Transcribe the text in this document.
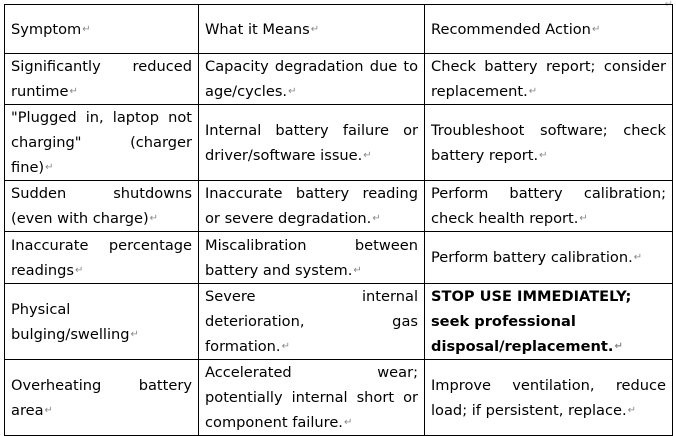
↵
Symptom↵	What it Means↵	Recommended Action↵
Significantly reduced runtime↵	Capacity degradation due to age/cycles.↵	Check battery report; consider replacement.↵
"Plugged in, laptop not charging" (charger fine)↵	Internal battery failure or driver/software issue.↵	Troubleshoot software; check battery report.↵
Sudden shutdowns (even with charge)↵	Inaccurate battery reading or severe degradation.↵	Perform battery calibration; check health report.↵
Inaccurate percentage readings↵	Miscalibration between battery and system.↵	Perform battery calibration.↵
Physical bulging/swelling↵	Severe internal deterioration, gas formation.↵	STOP USE IMMEDIATELY; seek professional disposal/replacement.↵
Overheating battery area↵	Accelerated wear; potentially internal short or component failure.↵	Improve ventilation, reduce load; if persistent, replace.↵
